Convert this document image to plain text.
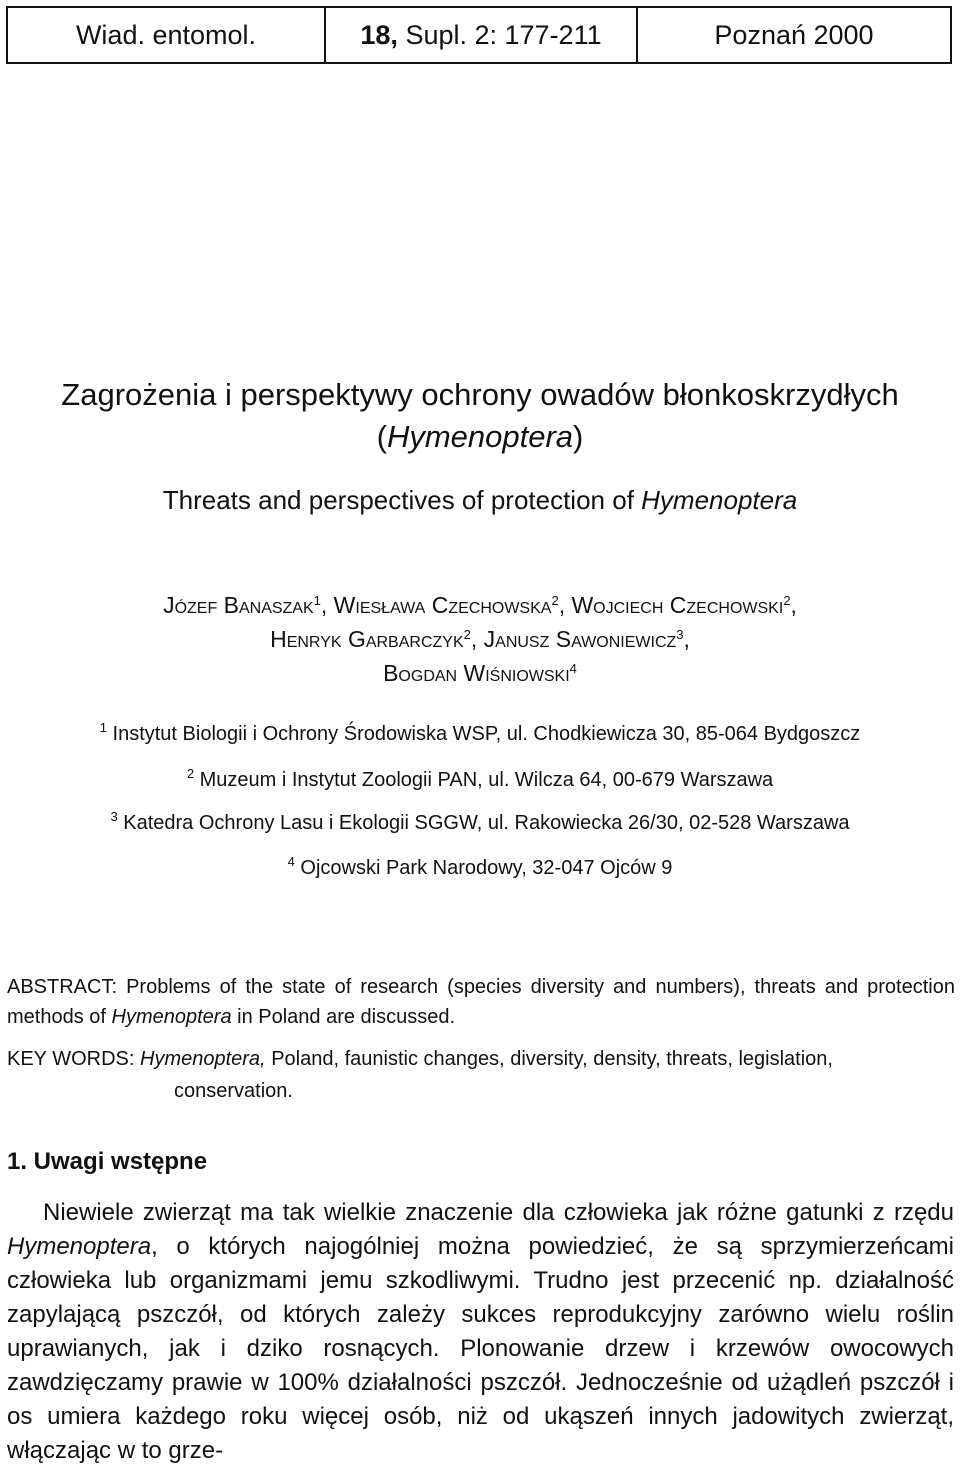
Wiad. entomol.	18,
Supl. 2: 177-211	Poznań 2000
Zagrożenia i perspektywy ochrony owadów błonkoskrzydłych
(Hymenoptera)
Threats and perspectives of protection of Hymenoptera
Józef Banaszak$^1$, Wiesława Czechowska$^2$, Wojciech Czechowski$^2$,
Henryk Garbarczyk$^2$, Janusz Sawoniewicz$^3$,
Bogdan Wiśniowski$^4$
$^1$ Instytut Biologii i Ochrony Środowiska WSP, ul. Chodkiewicza 30, 85-064 Bydgoszcz
$^2$ Muzeum i Instytut Zoologii PAN, ul. Wilcza 64, 00-679 Warszawa
$^3$ Katedra Ochrony Lasu i Ekologii SGGW, ul. Rakowiecka 26/30, 02-528 Warszawa
$^4$ Ojcowski Park Narodowy, 32-047 Ojców 9
ABSTRACT: Problems of the state of research (species diversity and numbers), threats and protection methods of Hymenoptera in Poland are discussed.
KEY WORDS: Hymenoptera, Poland, faunistic changes, diversity, density, threats, legislation, conservation.
1. Uwagi wstępne
Niewiele zwierząt ma tak wielkie znaczenie dla człowieka jak różne gatunki z rzędu Hymenoptera, o których najogólniej można powiedzieć, że są sprzymierzeńcami człowieka lub organizmami jemu szkodliwymi. Trudno jest przecenić np. działalność zapylającą pszczół, od których zależy sukces reprodukcyjny zarówno wielu roślin uprawianych, jak i dziko rosnących. Plonowanie drzew i krzewów owocowych zawdzięczamy prawie w 100% działalności pszczół. Jednocześnie od użądleń pszczół i os umiera każdego roku więcej osób, niż od ukąszeń innych jadowitych zwierząt, włączając w to grze-
